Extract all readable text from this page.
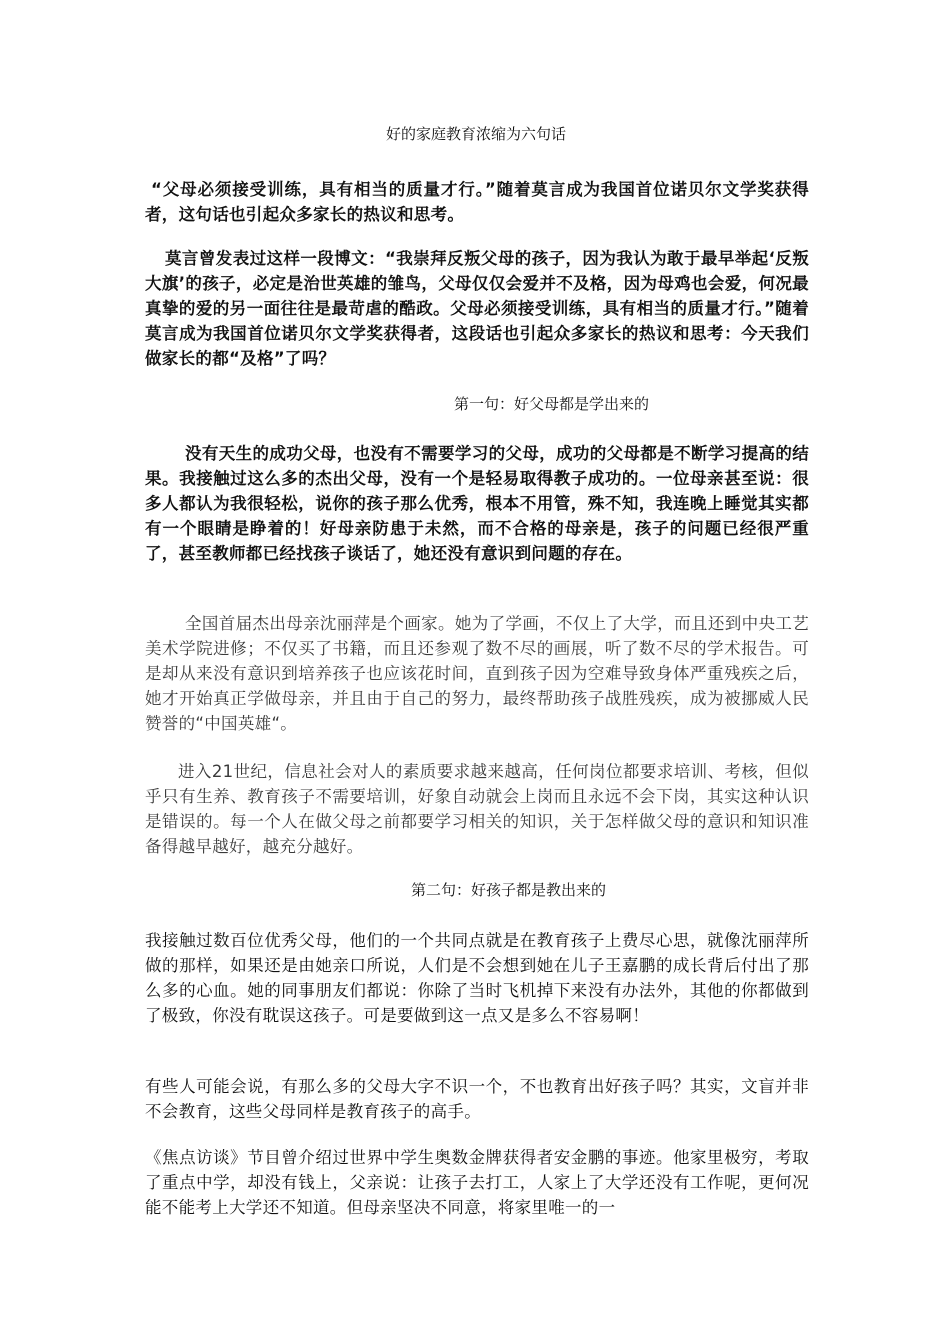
好的家庭教育浓缩为六句话

“父母必须接受训练，具有相当的质量才行。”随着莫言成为我国首位诺贝尔文学奖获得者，这句话也引起众多家长的热议和思考。

莫言曾发表过这样一段博文：“我崇拜反叛父母的孩子，因为我认为敢于最早举起‘反叛大旗’的孩子，必定是治世英雄的雏鸟，父母仅仅会爱并不及格，因为母鸡也会爱，何况最真挚的爱的另一面往往是最苛虐的酷政。父母必须接受训练，具有相当的质量才行。”随着莫言成为我国首位诺贝尔文学奖获得者，这段话也引起众多家长的热议和思考：今天我们做家长的都“及格”了吗？

第一句：好父母都是学出来的

没有天生的成功父母，也没有不需要学习的父母，成功的父母都是不断学习提高的结果。我接触过这么多的杰出父母，没有一个是轻易取得教子成功的。一位母亲甚至说：很多人都认为我很轻松，说你的孩子那么优秀，根本不用管，殊不知，我连晚上睡觉其实都有一个眼睛是睁着的！好母亲防患于未然，而不合格的母亲是，孩子的问题已经很严重了，甚至教师都已经找孩子谈话了，她还没有意识到问题的存在。

全国首届杰出母亲沈丽萍是个画家。她为了学画，不仅上了大学，而且还到中央工艺美术学院进修；不仅买了书籍，而且还参观了数不尽的画展，听了数不尽的学术报告。可是却从来没有意识到培养孩子也应该花时间，直到孩子因为空难导致身体严重残疾之后，她才开始真正学做母亲，并且由于自己的努力，最终帮助孩子战胜残疾，成为被挪威人民赞誉的“中国英雄“。

进入21世纪，信息社会对人的素质要求越来越高，任何岗位都要求培训、考核，但似乎只有生养、教育孩子不需要培训，好象自动就会上岗而且永远不会下岗，其实这种认识是错误的。每一个人在做父母之前都要学习相关的知识，关于怎样做父母的意识和知识准备得越早越好，越充分越好。

第二句：好孩子都是教出来的

我接触过数百位优秀父母，他们的一个共同点就是在教育孩子上费尽心思，就像沈丽萍所做的那样，如果还是由她亲口所说，人们是不会想到她在儿子王嘉鹏的成长背后付出了那么多的心血。她的同事朋友们都说：你除了当时飞机掉下来没有办法外，其他的你都做到了极致，你没有耽误这孩子。可是要做到这一点又是多么不容易啊！

有些人可能会说，有那么多的父母大字不识一个，不也教育出好孩子吗？其实，文盲并非不会教育，这些父母同样是教育孩子的高手。

《焦点访谈》节目曾介绍过世界中学生奥数金牌获得者安金鹏的事迹。他家里极穷，考取了重点中学，却没有钱上，父亲说：让孩子去打工，人家上了大学还没有工作呢，更何况能不能考上大学还不知道。但母亲坚决不同意，将家里唯一的一
